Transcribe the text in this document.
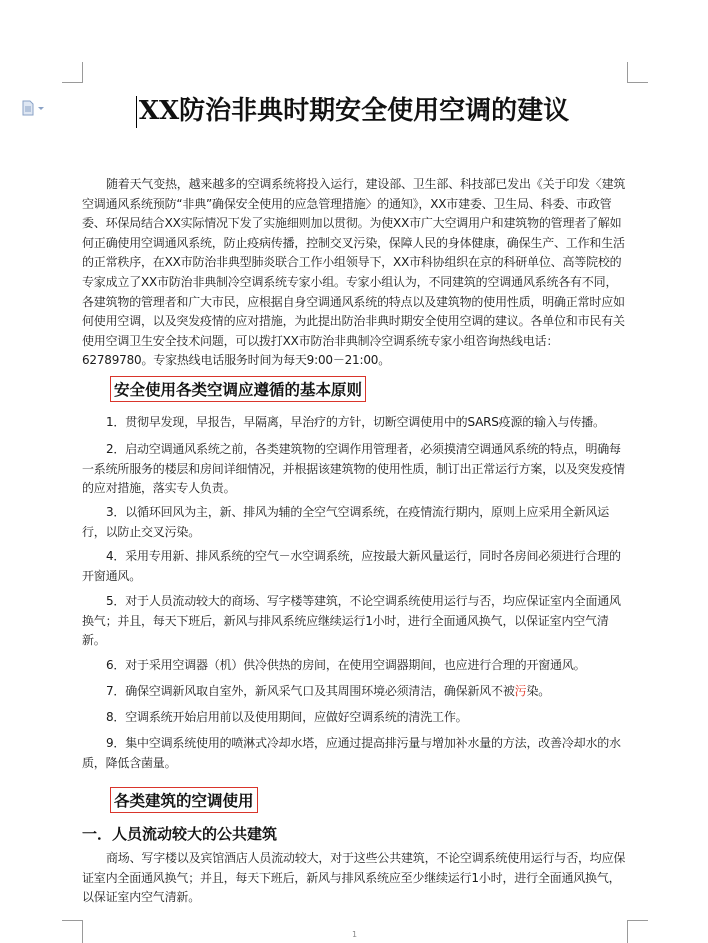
XX防治非典时期安全使用空调的建议
随着天气变热，越来越多的空调系统将投入运行，建设部、卫生部、科技部已发出《关于印发〈建筑空调通风系统预防“非典”确保安全使用的应急管理措施〉的通知》，XX市建委、卫生局、科委、市政管委、环保局结合XX实际情况下发了实施细则加以贯彻。为使XX市广大空调用户和建筑物的管理者了解如何正确使用空调通风系统，防止疫病传播，控制交叉污染，保障人民的身体健康，确保生产、工作和生活的正常秩序，在XX市防治非典型肺炎联合工作小组领导下，XX市科协组织在京的科研单位、高等院校的专家成立了XX市防治非典制冷空调系统专家小组。专家小组认为，不同建筑的空调通风系统各有不同，各建筑物的管理者和广大市民，应根据自身空调通风系统的特点以及建筑物的使用性质，明确正常时应如何使用空调，以及突发疫情的应对措施，为此提出防治非典时期安全使用空调的建议。各单位和市民有关使用空调卫生安全技术问题，可以拨打XX市防治非典制冷空调系统专家小组咨询热线电话：62789780。专家热线电话服务时间为每天9:00－21:00。
安全使用各类空调应遵循的基本原则
1．贯彻早发现，早报告，早隔离，早治疗的方针，切断空调使用中的SARS疫源的输入与传播。
2．启动空调通风系统之前，各类建筑物的空调作用管理者，必须摸清空调通风系统的特点，明确每一系统所服务的楼层和房间详细情况，并根据该建筑物的使用性质，制订出正常运行方案，以及突发疫情的应对措施，落实专人负责。
3．以循环回风为主，新、排风为辅的全空气空调系统，在疫情流行期内，原则上应采用全新风运行，以防止交叉污染。
4．采用专用新、排风系统的空气－水空调系统，应按最大新风量运行，同时各房间必须进行合理的开窗通风。
5．对于人员流动较大的商场、写字楼等建筑，不论空调系统使用运行与否，均应保证室内全面通风换气；并且，每天下班后，新风与排风系统应继续运行1小时，进行全面通风换气，以保证室内空气清新。
6．对于采用空调器（机）供冷供热的房间，在使用空调器期间，也应进行合理的开窗通风。
7．确保空调新风取自室外，新风采气口及其周围环境必须清洁，确保新风不被污染。
8．空调系统开始启用前以及使用期间，应做好空调系统的清洗工作。
9．集中空调系统使用的喷淋式冷却水塔，应通过提高排污量与增加补水量的方法，改善冷却水的水质，降低含菌量。
各类建筑的空调使用
一．人员流动较大的公共建筑
商场、写字楼以及宾馆酒店人员流动较大，对于这些公共建筑，不论空调系统使用运行与否，均应保证室内全面通风换气；并且，每天下班后，新风与排风系统应至少继续运行1小时，进行全面通风换气，以保证室内空气清新。
1
